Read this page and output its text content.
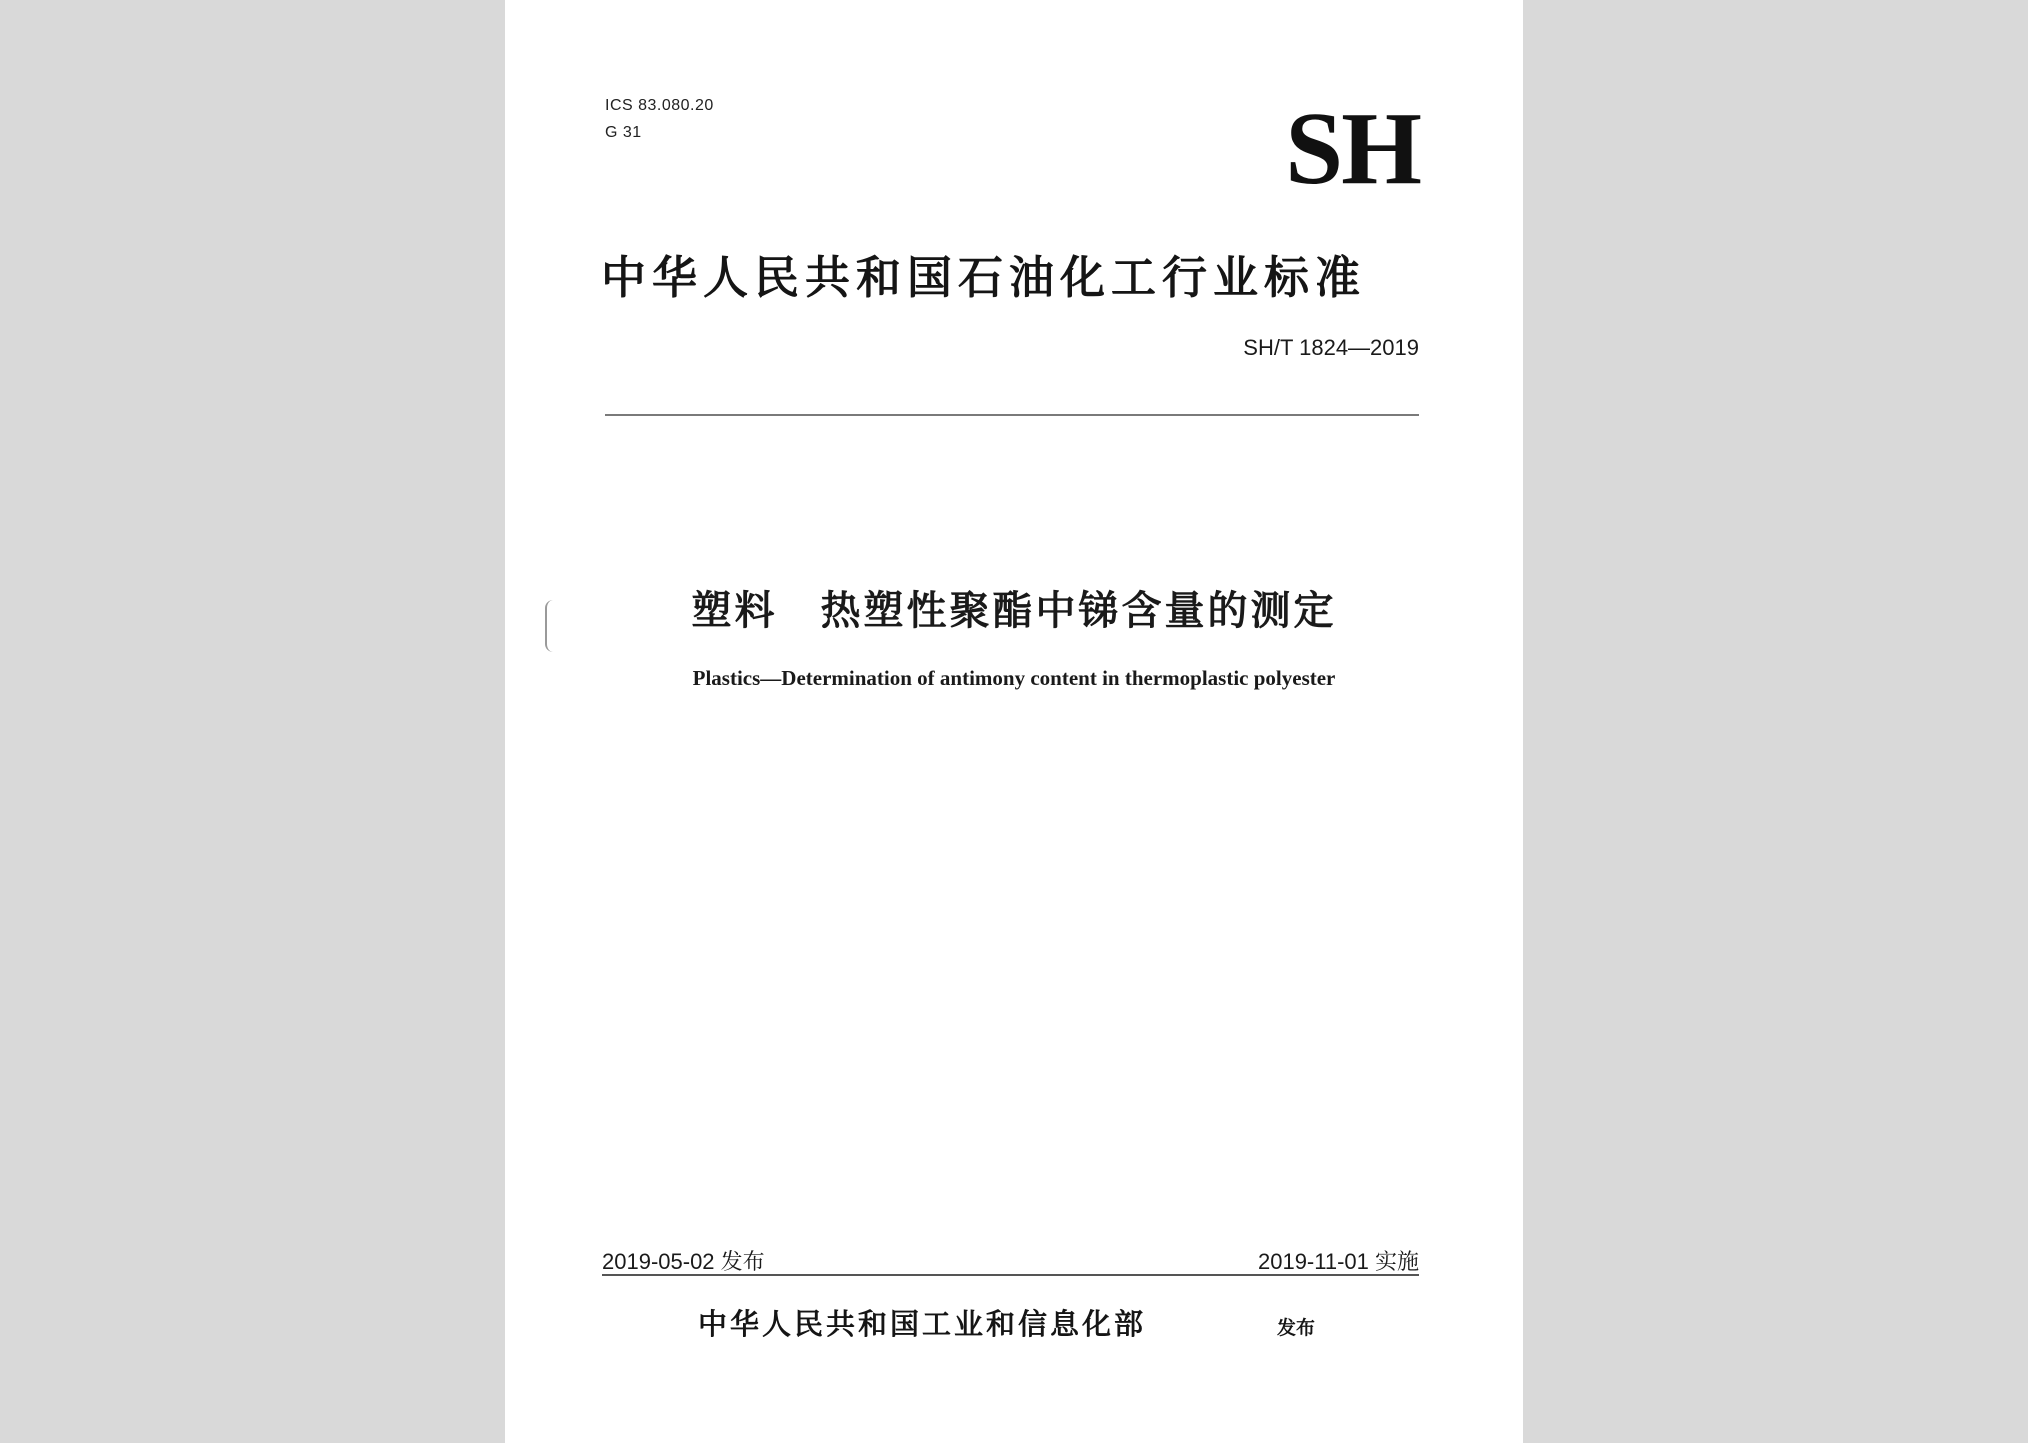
ICS 83.080.20
G 31	SH
中华人民共和国石油化工行业标准
SH/T 1824—2019
塑料　热塑性聚酯中锑含量的测定
Plastics—Determination of antimony content in thermoplastic polyester
2019-05-02 发布	2019-11-01 实施
中华人民共和国工业和信息化部	发布
